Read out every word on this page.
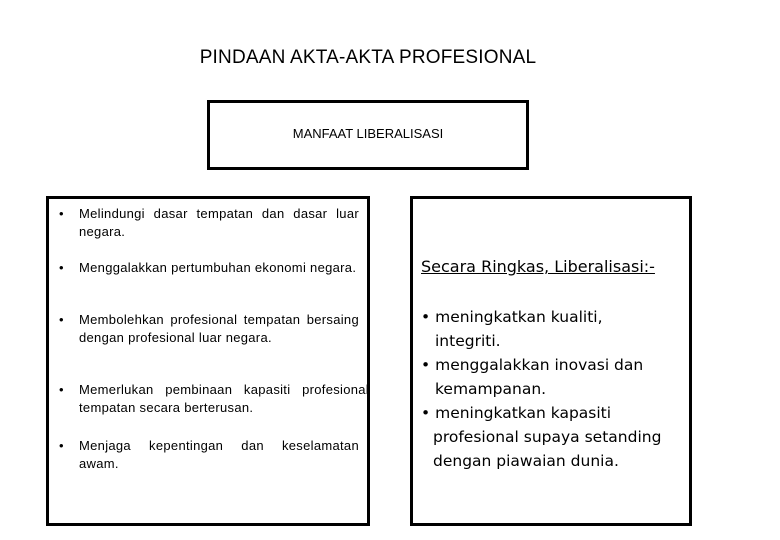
PINDAAN AKTA-AKTA PROFESIONAL
MANFAAT LIBERALISASI
• Melindungi dasar tempatan dan dasar luar negara.
• Menggalakkan pertumbuhan ekonomi negara.
• Membolehkan profesional tempatan bersaing dengan profesional luar negara.
• Memerlukan pembinaan kapasiti profesional tempatan secara berterusan.
• Menjaga kepentingan dan keselamatan awam.
Secara Ringkas, Liberalisasi:-
• meningkatkan kualiti,
integriti.
• menggalakkan inovasi dan
kemampanan.
• meningkatkan kapasiti
profesional supaya setanding dengan piawaian dunia.
